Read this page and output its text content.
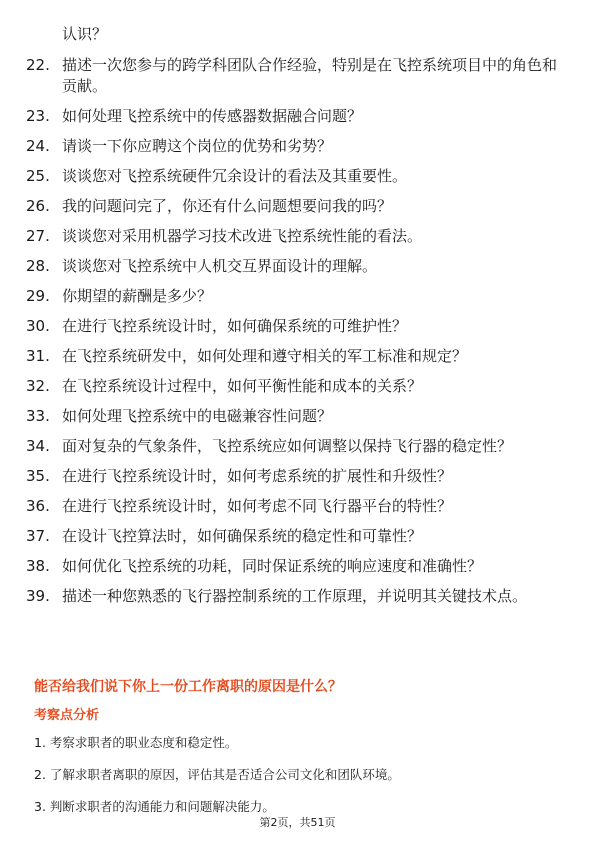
认识？
22. 描述一次您参与的跨学科团队合作经验，特别是在飞控系统项目中的角色和贡献。
23. 如何处理飞控系统中的传感器数据融合问题？
24. 请谈一下你应聘这个岗位的优势和劣势？
25. 谈谈您对飞控系统硬件冗余设计的看法及其重要性。
26. 我的问题问完了，你还有什么问题想要问我的吗？
27. 谈谈您对采用机器学习技术改进飞控系统性能的看法。
28. 谈谈您对飞控系统中人机交互界面设计的理解。
29. 你期望的薪酬是多少？
30. 在进行飞控系统设计时，如何确保系统的可维护性？
31. 在飞控系统研发中，如何处理和遵守相关的军工标准和规定？
32. 在飞控系统设计过程中，如何平衡性能和成本的关系？
33. 如何处理飞控系统中的电磁兼容性问题？
34. 面对复杂的气象条件，飞控系统应如何调整以保持飞行器的稳定性？
35. 在进行飞控系统设计时，如何考虑系统的扩展性和升级性？
36. 在进行飞控系统设计时，如何考虑不同飞行器平台的特性？
37. 在设计飞控算法时，如何确保系统的稳定性和可靠性？
38. 如何优化飞控系统的功耗，同时保证系统的响应速度和准确性？
39. 描述一种您熟悉的飞行器控制系统的工作原理，并说明其关键技术点。
能否给我们说下你上一份工作离职的原因是什么？
考察点分析
1. 考察求职者的职业态度和稳定性。
2. 了解求职者离职的原因，评估其是否适合公司文化和团队环境。
3. 判断求职者的沟通能力和问题解决能力。
第2页，共51页
